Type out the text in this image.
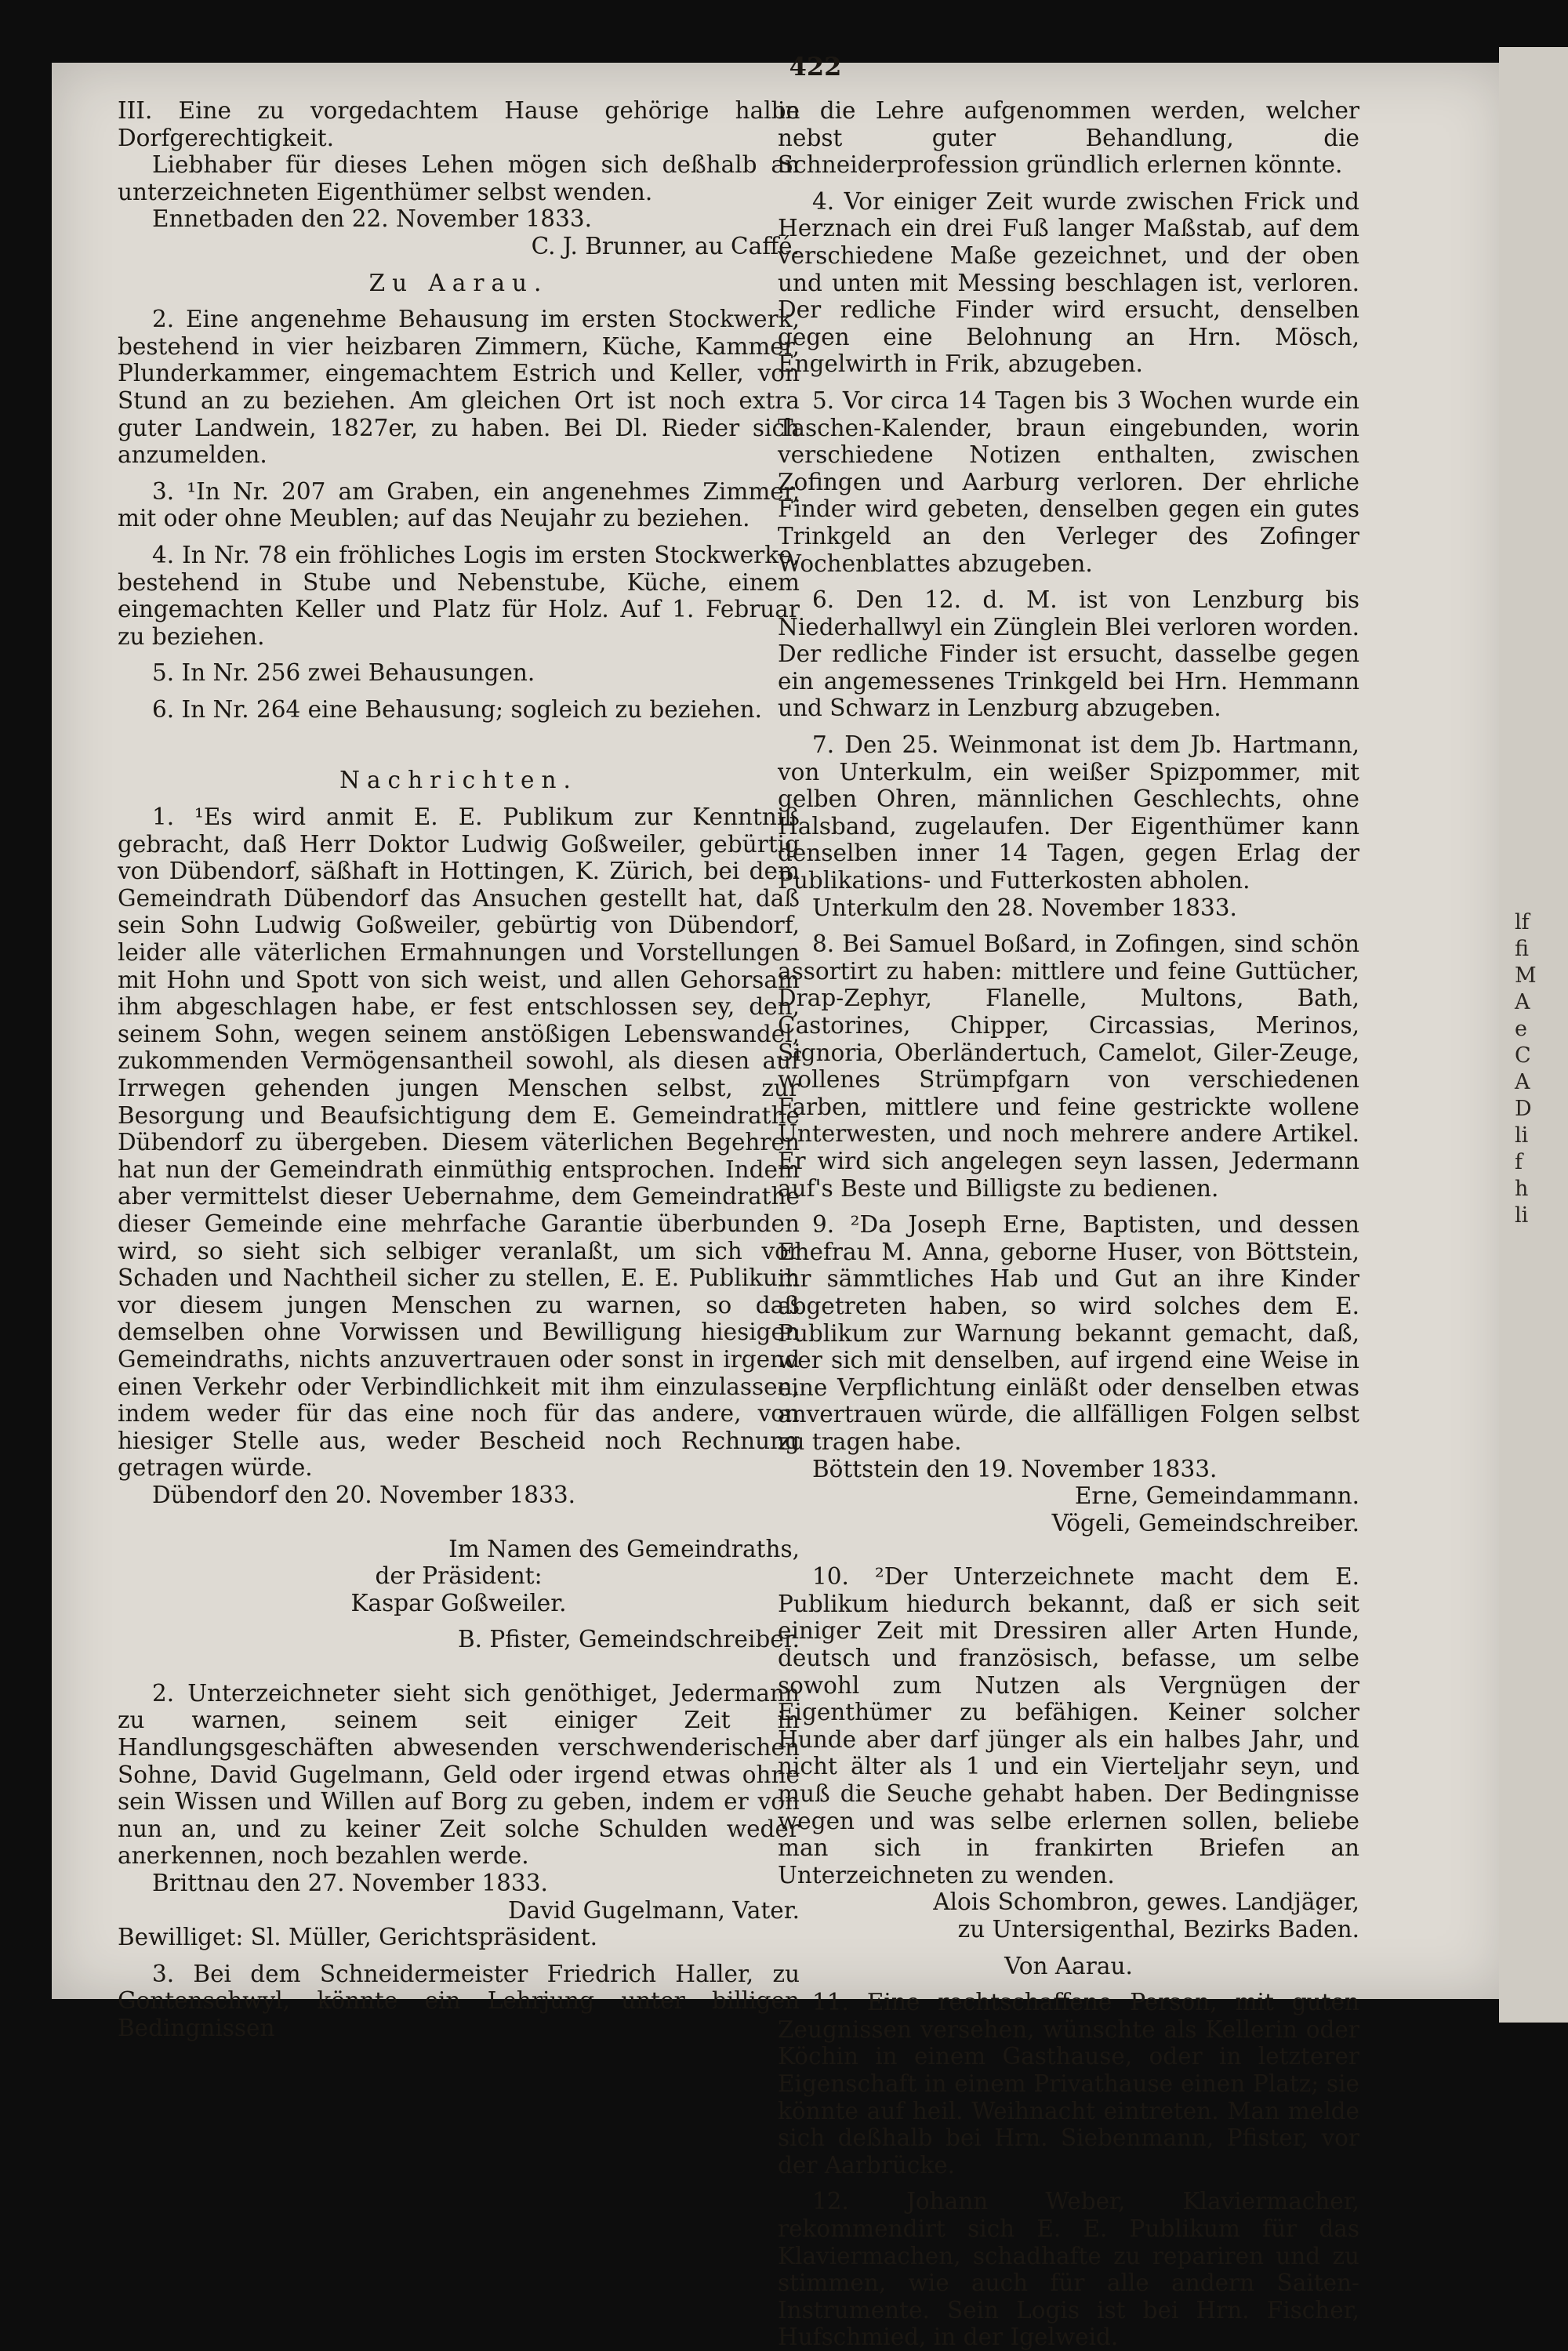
422

III. Eine zu vorgedachtem Hause gehörige halbe Dorfgerechtigkeit.

Liebhaber für dieses Lehen mögen sich deßhalb an unterzeichneten Eigenthümer selbst wenden.

Ennetbaden den 22. November 1833.

C. J. Brunner, au Caffé.

Zu Aarau.

2. Eine angenehme Behausung im ersten Stockwerk, bestehend in vier heizbaren Zimmern, Küche, Kammer, Plunderkammer, eingemachtem Estrich und Keller, von Stund an zu beziehen. Am gleichen Ort ist noch extra guter Landwein, 1827er, zu haben. Bei Dl. Rieder sich anzumelden.

3. ¹In Nr. 207 am Graben, ein angenehmes Zimmer, mit oder ohne Meublen; auf das Neujahr zu beziehen.

4. In Nr. 78 ein fröhliches Logis im ersten Stockwerke, bestehend in Stube und Nebenstube, Küche, einem eingemachten Keller und Platz für Holz. Auf 1. Februar zu beziehen.

5. In Nr. 256 zwei Behausungen.

6. In Nr. 264 eine Behausung; sogleich zu beziehen.

Nachrichten.

1. ¹Es wird anmit E. E. Publikum zur Kenntniß gebracht, daß Herr Doktor Ludwig Goßweiler, gebürtig von Dübendorf, säßhaft in Hottingen, K. Zürich, bei dem Gemeindrath Dübendorf das Ansuchen gestellt hat, daß sein Sohn Ludwig Goßweiler, gebürtig von Dübendorf, leider alle väterlichen Ermahnungen und Vorstellungen mit Hohn und Spott von sich weist, und allen Gehorsam ihm abgeschlagen habe, er fest entschlossen sey, den, seinem Sohn, wegen seinem anstößigen Lebenswandel, zukommenden Vermögensantheil sowohl, als diesen auf Irrwegen gehenden jungen Menschen selbst, zur Besorgung und Beaufsichtigung dem E. Gemeindrathe Dübendorf zu übergeben. Diesem väterlichen Begehren hat nun der Gemeindrath einmüthig entsprochen. Indem aber vermittelst dieser Uebernahme, dem Gemeindrathe dieser Gemeinde eine mehrfache Garantie überbunden wird, so sieht sich selbiger veranlaßt, um sich vor Schaden und Nachtheil sicher zu stellen, E. E. Publikum vor diesem jungen Menschen zu warnen, so daß demselben ohne Vorwissen und Bewilligung hiesigen Gemeindraths, nichts anzuvertrauen oder sonst in irgend einen Verkehr oder Verbindlichkeit mit ihm einzulassen, indem weder für das eine noch für das andere, von hiesiger Stelle aus, weder Bescheid noch Rechnung getragen würde.

Dübendorf den 20. November 1833.

Im Namen des Gemeindraths,

der Präsident:

Kaspar Goßweiler.

B. Pfister, Gemeindschreiber.

2. Unterzeichneter sieht sich genöthiget, Jedermann zu warnen, seinem seit einiger Zeit in Handlungsgeschäften abwesenden verschwenderischen Sohne, David Gugelmann, Geld oder irgend etwas ohne sein Wissen und Willen auf Borg zu geben, indem er von nun an, und zu keiner Zeit solche Schulden weder anerkennen, noch bezahlen werde.

Brittnau den 27. November 1833.

David Gugelmann, Vater.

Bewilliget: Sl. Müller, Gerichtspräsident.

3. Bei dem Schneidermeister Friedrich Haller, zu Gontenschwyl, könnte ein Lehrjung unter billigen Bedingnissen

in die Lehre aufgenommen werden, welcher nebst guter Behandlung, die Schneiderprofession gründlich erlernen könnte.

4. Vor einiger Zeit wurde zwischen Frick und Herznach ein drei Fuß langer Maßstab, auf dem verschiedene Maße gezeichnet, und der oben und unten mit Messing beschlagen ist, verloren. Der redliche Finder wird ersucht, denselben gegen eine Belohnung an Hrn. Mösch, Engelwirth in Frik, abzugeben.

5. Vor circa 14 Tagen bis 3 Wochen wurde ein Taschen-Kalender, braun eingebunden, worin verschiedene Notizen enthalten, zwischen Zofingen und Aarburg verloren. Der ehrliche Finder wird gebeten, denselben gegen ein gutes Trinkgeld an den Verleger des Zofinger Wochenblattes abzugeben.

6. Den 12. d. M. ist von Lenzburg bis Niederhallwyl ein Zünglein Blei verloren worden. Der redliche Finder ist ersucht, dasselbe gegen ein angemessenes Trinkgeld bei Hrn. Hemmann und Schwarz in Lenzburg abzugeben.

7. Den 25. Weinmonat ist dem Jb. Hartmann, von Unterkulm, ein weißer Spizpommer, mit gelben Ohren, männlichen Geschlechts, ohne Halsband, zugelaufen. Der Eigenthümer kann denselben inner 14 Tagen, gegen Erlag der Publikations- und Futterkosten abholen.

Unterkulm den 28. November 1833.

8. Bei Samuel Boßard, in Zofingen, sind schön assortirt zu haben: mittlere und feine Guttücher, Drap-Zephyr, Flanelle, Multons, Bath, Castorines, Chipper, Circassias, Merinos, Signoria, Oberländertuch, Camelot, Giler-Zeuge, wollenes Strümpfgarn von verschiedenen Farben, mittlere und feine gestrickte wollene Unterwesten, und noch mehrere andere Artikel. Er wird sich angelegen seyn lassen, Jedermann auf's Beste und Billigste zu bedienen.

9. ²Da Joseph Erne, Baptisten, und dessen Ehefrau M. Anna, geborne Huser, von Böttstein, ihr sämmtliches Hab und Gut an ihre Kinder abgetreten haben, so wird solches dem E. Publikum zur Warnung bekannt gemacht, daß, wer sich mit denselben, auf irgend eine Weise in eine Verpflichtung einläßt oder denselben etwas anvertrauen würde, die allfälligen Folgen selbst zu tragen habe.

Böttstein den 19. November 1833.

Erne, Gemeindammann.

Vögeli, Gemeindschreiber.

10. ²Der Unterzeichnete macht dem E. Publikum hiedurch bekannt, daß er sich seit einiger Zeit mit Dressiren aller Arten Hunde, deutsch und französisch, befasse, um selbe sowohl zum Nutzen als Vergnügen der Eigenthümer zu befähigen. Keiner solcher Hunde aber darf jünger als ein halbes Jahr, und nicht älter als 1 und ein Vierteljahr seyn, und muß die Seuche gehabt haben. Der Bedingnisse wegen und was selbe erlernen sollen, beliebe man sich in frankirten Briefen an Unterzeichneten zu wenden.

Alois Schombron, gewes. Landjäger,

zu Untersigenthal, Bezirks Baden.

Von Aarau.

11. Eine rechtschaffene Person, mit guten Zeugnissen versehen, wünschte als Kellerin oder Köchin in einem Gasthause, oder in letzterer Eigenschaft in einem Privathause einen Platz; sie könnte auf heil. Weihnacht eintreten. Man melde sich deßhalb bei Hrn. Siebenmann, Pfister, vor der Aarbrücke.

12. Johann Weber, Klaviermacher, rekommendirt sich E. E. Publikum für das Klaviermachen, schadhafte zu repariren und zu stimmen, wie auch für alle andern Saiten-Instrumente. Sein Logis ist bei Hrn. Fischer, Hufschmied, in der Igelweid.

lf
fi
M
A
e
C
A
D
li
f
h
li
